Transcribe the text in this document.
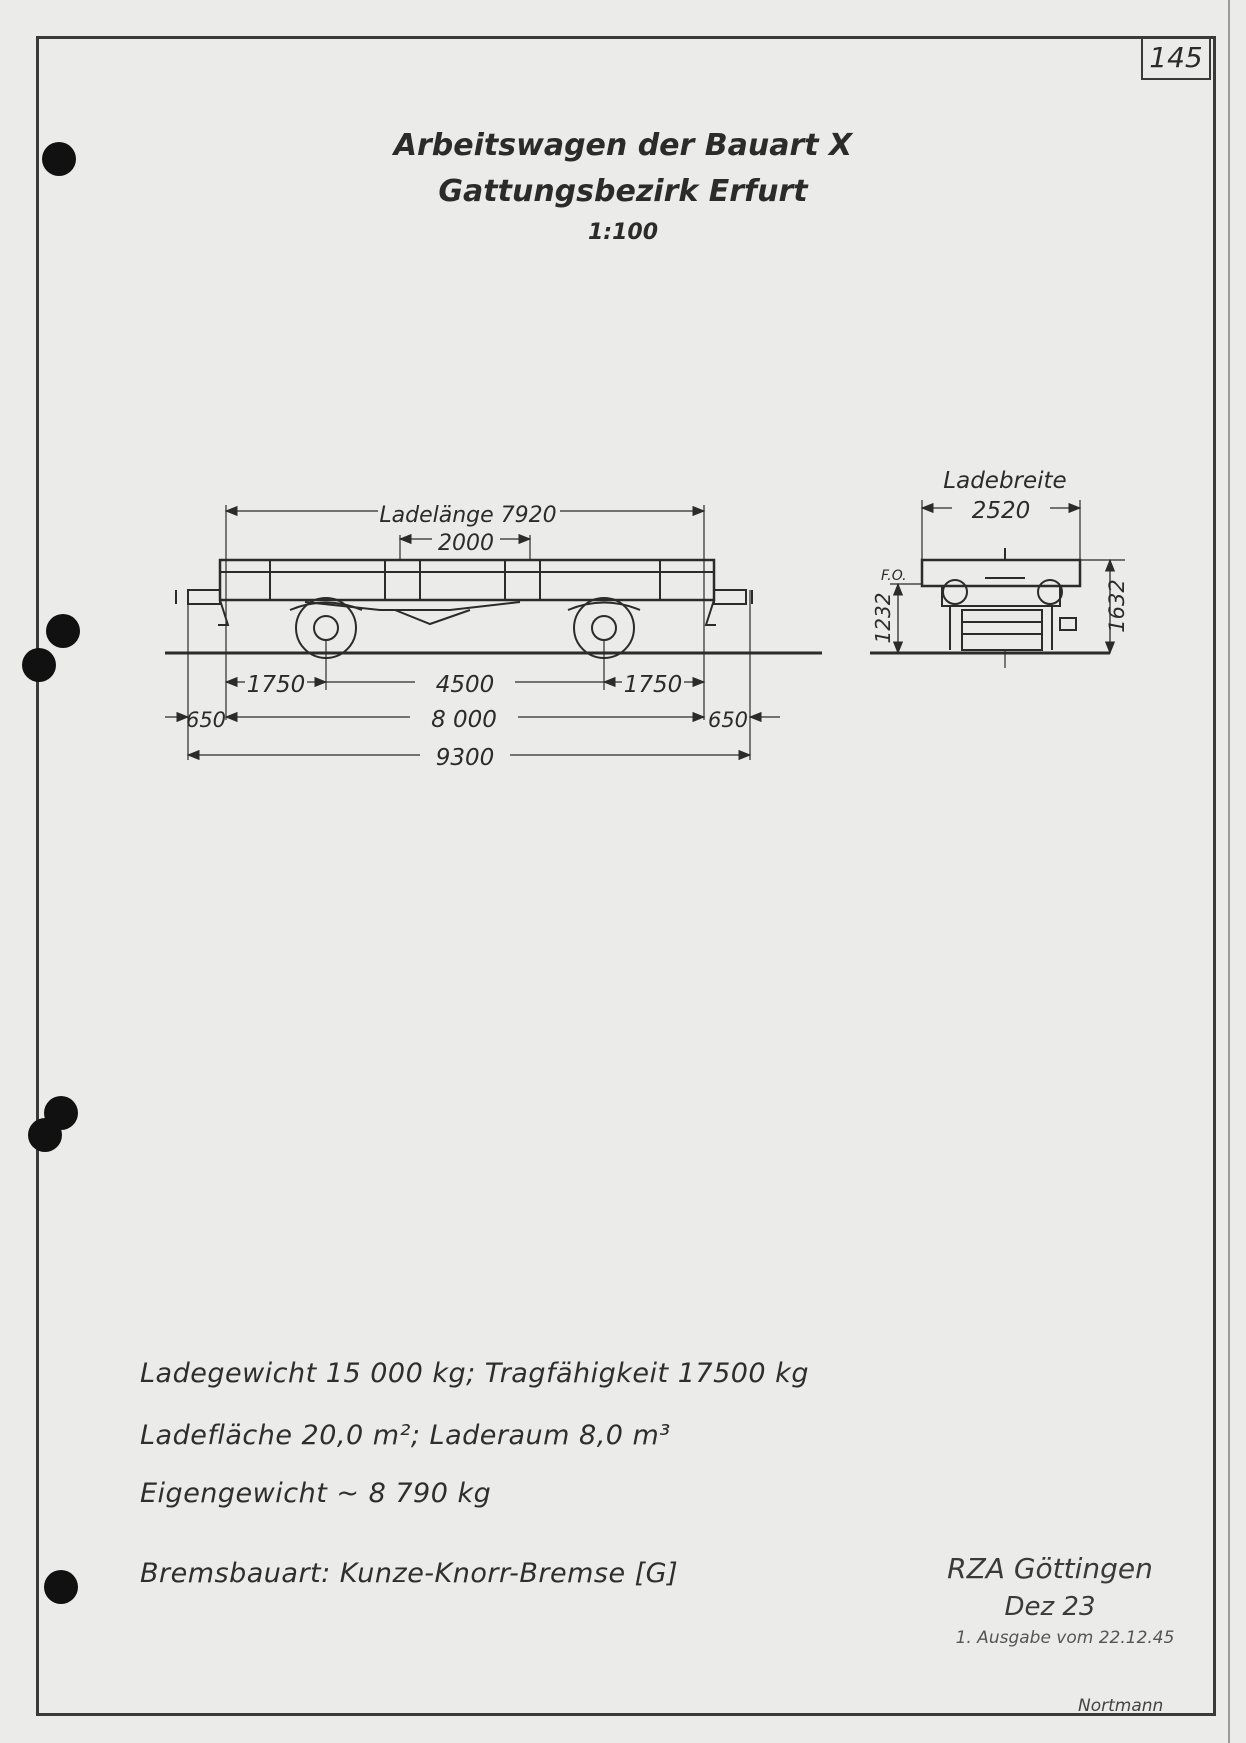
145
Arbeitswagen der Bauart X
Gattungsbezirk Erfurt
1:100
Ladelänge 7920
2000
1750	4500	1750
650	8 000	650
9300
Ladebreite
2520
F.O.
1232	1632
Ladegewicht 15 000 kg; Tragfähigkeit 17500 kg
Ladefläche 20,0 m²; Laderaum 8,0 m³
Eigengewicht ~ 8 790 kg
Bremsbauart: Kunze-Knorr-Bremse [G]	RZA Göttingen
Dez 23
1. Ausgabe vom 22.12.45
Nortmann
